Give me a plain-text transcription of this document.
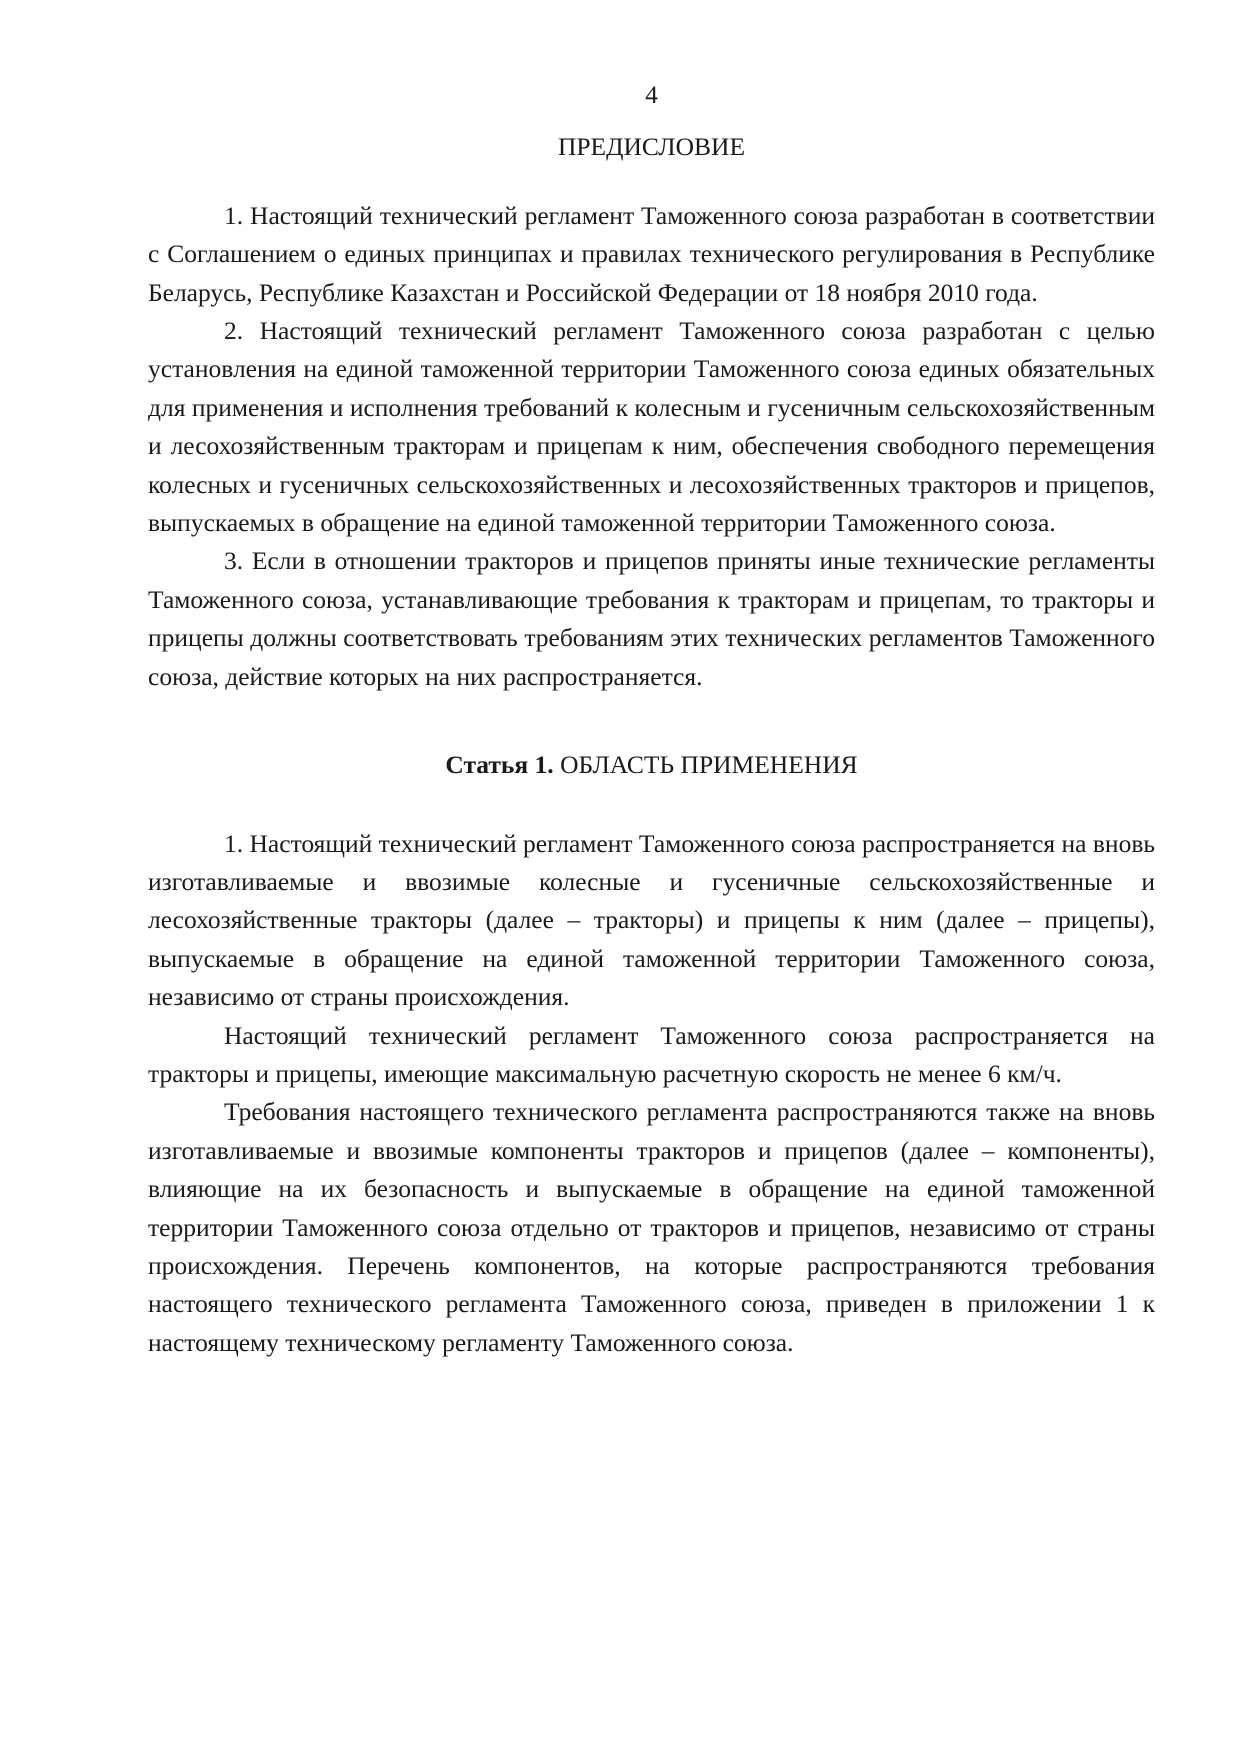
4

ПРЕДИСЛОВИЕ

1. Настоящий технический регламент Таможенного союза разработан в соответствии с Соглашением о единых принципах и правилах технического регулирования в Республике Беларусь, Республике Казахстан и Российской Федерации от 18 ноября 2010 года.

2. Настоящий технический регламент Таможенного союза разработан с целью установления на единой таможенной территории Таможенного союза единых обязательных для применения и исполнения требований к колесным и гусеничным сельскохозяйственным и лесохозяйственным тракторам и прицепам к ним, обеспечения свободного перемещения колесных и гусеничных сельскохозяйственных и лесохозяйственных тракторов и прицепов, выпускаемых в обращение на единой таможенной территории Таможенного союза.

3. Если в отношении тракторов и прицепов приняты иные технические регламенты Таможенного союза, устанавливающие требования к тракторам и прицепам, то тракторы и прицепы должны соответствовать требованиям этих технических регламентов Таможенного союза, действие которых на них распространяется.

Статья 1. ОБЛАСТЬ ПРИМЕНЕНИЯ

1. Настоящий технический регламент Таможенного союза распространяется на вновь изготавливаемые и ввозимые колесные и гусеничные сельскохозяйственные и лесохозяйственные тракторы (далее – тракторы) и прицепы к ним (далее – прицепы), выпускаемые в обращение на единой таможенной территории Таможенного союза, независимо от страны происхождения.

Настоящий технический регламент Таможенного союза распространяется на тракторы и прицепы, имеющие максимальную расчетную скорость не менее 6 км/ч.

Требования настоящего технического регламента распространяются также на вновь изготавливаемые и ввозимые компоненты тракторов и прицепов (далее – компоненты), влияющие на их безопасность и выпускаемые в обращение на единой таможенной территории Таможенного союза отдельно от тракторов и прицепов, независимо от страны происхождения. Перечень компонентов, на которые распространяются требования настоящего технического регламента Таможенного союза, приведен в приложении 1 к настоящему техническому регламенту Таможенного союза.
